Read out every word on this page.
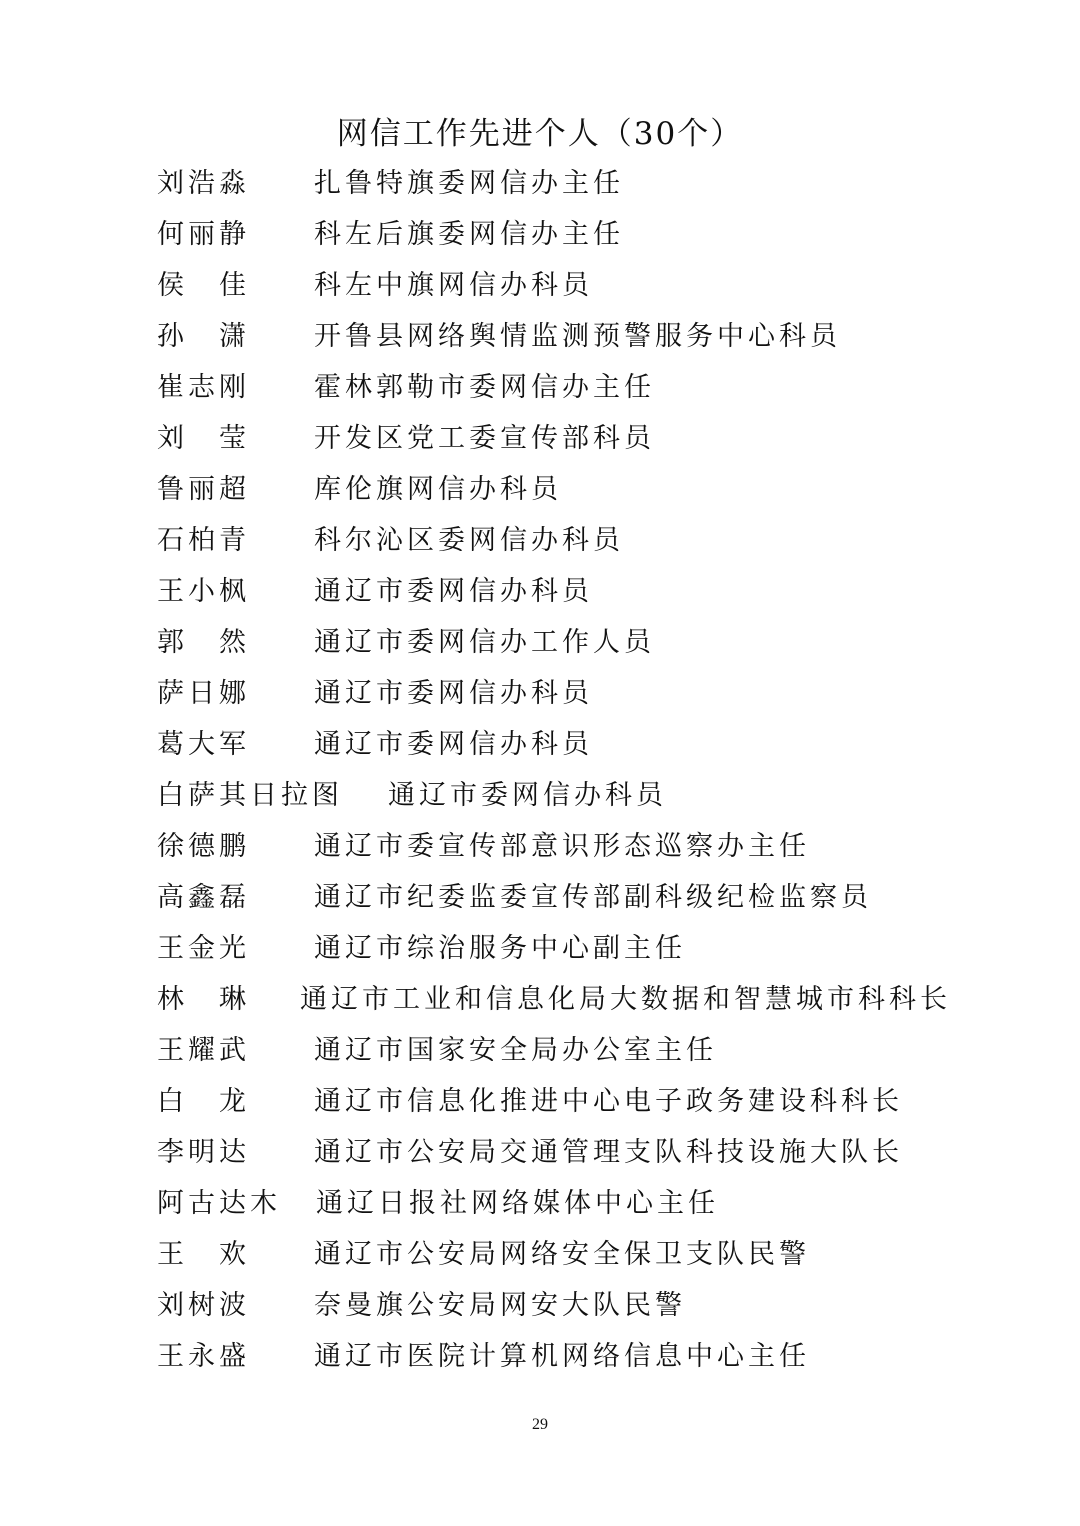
网信工作先进个人（30个）
刘浩淼 扎鲁特旗委网信办主任
何丽静 科左后旗委网信办主任
侯　佳 科左中旗网信办科员
孙　潇 开鲁县网络舆情监测预警服务中心科员
崔志刚 霍林郭勒市委网信办主任
刘　莹 开发区党工委宣传部科员
鲁丽超 库伦旗网信办科员
石柏青 科尔沁区委网信办科员
王小枫 通辽市委网信办科员
郭　然 通辽市委网信办工作人员
萨日娜 通辽市委网信办科员
葛大军 通辽市委网信办科员
白萨其日拉图 通辽市委网信办科员
徐德鹏 通辽市委宣传部意识形态巡察办主任
高鑫磊 通辽市纪委监委宣传部副科级纪检监察员
王金光 通辽市综治服务中心副主任
林　琳 通辽市工业和信息化局大数据和智慧城市科科长
王耀武 通辽市国家安全局办公室主任
白　龙 通辽市信息化推进中心电子政务建设科科长
李明达 通辽市公安局交通管理支队科技设施大队长
阿古达木 通辽日报社网络媒体中心主任
王　欢 通辽市公安局网络安全保卫支队民警
刘树波 奈曼旗公安局网安大队民警
王永盛 通辽市医院计算机网络信息中心主任
29
